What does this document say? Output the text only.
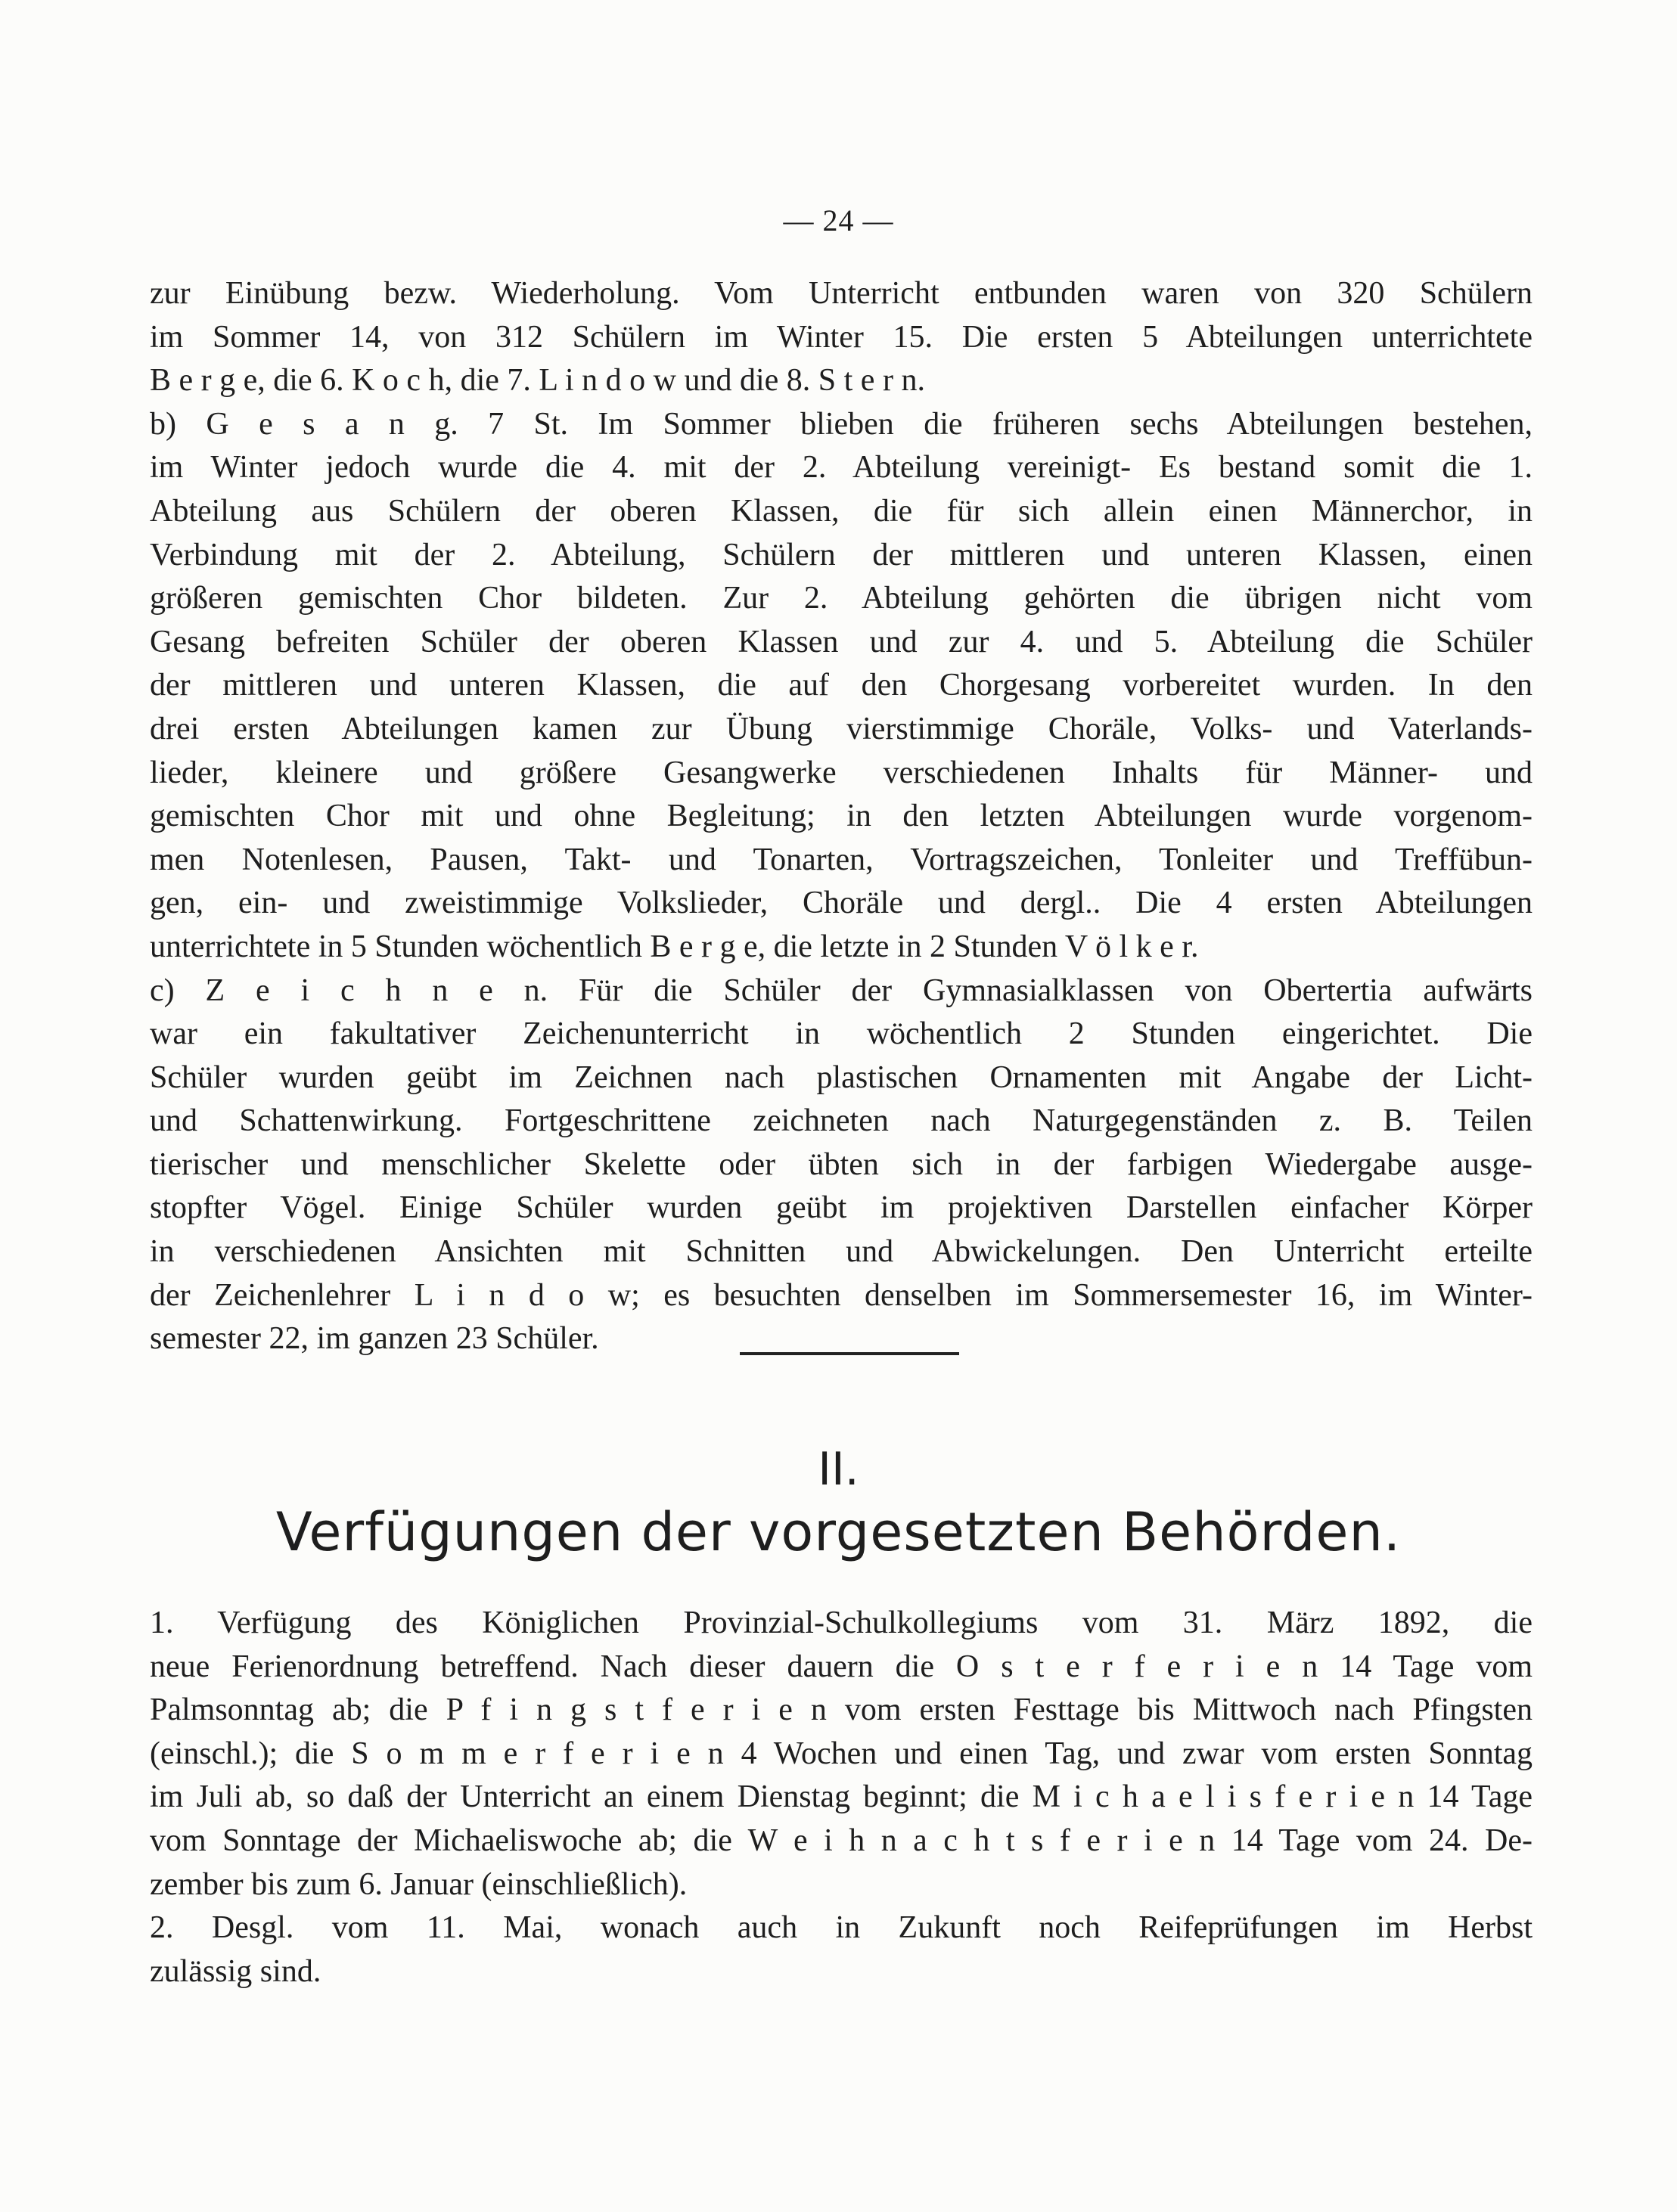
— 24 —
zur Einübung bezw. Wiederholung. Vom Unterricht entbunden waren von 320 Schülern
im Sommer 14, von 312 Schülern im Winter 15. Die ersten 5 Abteilungen unterrichtete
B e r g e, die 6. K o c h, die 7. L i n d o w und die 8. S t e r n.
b) G e s a n g. 7 St. Im Sommer blieben die früheren sechs Abteilungen bestehen,
im Winter jedoch wurde die 4. mit der 2. Abteilung vereinigt- Es bestand somit die 1.
Abteilung aus Schülern der oberen Klassen, die für sich allein einen Männerchor, in
Verbindung mit der 2. Abteilung, Schülern der mittleren und unteren Klassen, einen
größeren gemischten Chor bildeten. Zur 2. Abteilung gehörten die übrigen nicht vom
Gesang befreiten Schüler der oberen Klassen und zur 4. und 5. Abteilung die Schüler
der mittleren und unteren Klassen, die auf den Chorgesang vorbereitet wurden. In den
drei ersten Abteilungen kamen zur Übung vierstimmige Choräle, Volks- und Vaterlands-
lieder, kleinere und größere Gesangwerke verschiedenen Inhalts für Männer- und
gemischten Chor mit und ohne Begleitung; in den letzten Abteilungen wurde vorgenom-
men Notenlesen, Pausen, Takt- und Tonarten, Vortragszeichen, Tonleiter und Treffübun-
gen, ein- und zweistimmige Volkslieder, Choräle und dergl.. Die 4 ersten Abteilungen
unterrichtete in 5 Stunden wöchentlich B e r g e, die letzte in 2 Stunden V ö l k e r.
c) Z e i c h n e n. Für die Schüler der Gymnasialklassen von Obertertia aufwärts
war ein fakultativer Zeichenunterricht in wöchentlich 2 Stunden eingerichtet. Die
Schüler wurden geübt im Zeichnen nach plastischen Ornamenten mit Angabe der Licht-
und Schattenwirkung. Fortgeschrittene zeichneten nach Naturgegenständen z. B. Teilen
tierischer und menschlicher Skelette oder übten sich in der farbigen Wiedergabe ausge-
stopfter Vögel. Einige Schüler wurden geübt im projektiven Darstellen einfacher Körper
in verschiedenen Ansichten mit Schnitten und Abwickelungen. Den Unterricht erteilte
der Zeichenlehrer L i n d o w; es besuchten denselben im Sommersemester 16, im Winter-
semester 22, im ganzen 23 Schüler.
II.
Verfügungen der vorgesetzten Behörden.
1. Verfügung des Königlichen Provinzial-Schulkollegiums vom 31. März 1892, die
neue Ferienordnung betreffend. Nach dieser dauern die O s t e r f e r i e n 14 Tage vom
Palmsonntag ab; die P f i n g s t f e r i e n vom ersten Festtage bis Mittwoch nach Pfingsten
(einschl.); die S o m m e r f e r i e n 4 Wochen und einen Tag, und zwar vom ersten Sonntag
im Juli ab, so daß der Unterricht an einem Dienstag beginnt; die M i c h a e l i s f e r i e n 14 Tage
vom Sonntage der Michaeliswoche ab; die W e i h n a c h t s f e r i e n 14 Tage vom 24. De-
zember bis zum 6. Januar (einschließlich).
2. Desgl. vom 11. Mai, wonach auch in Zukunft noch Reifeprüfungen im Herbst
zulässig sind.
